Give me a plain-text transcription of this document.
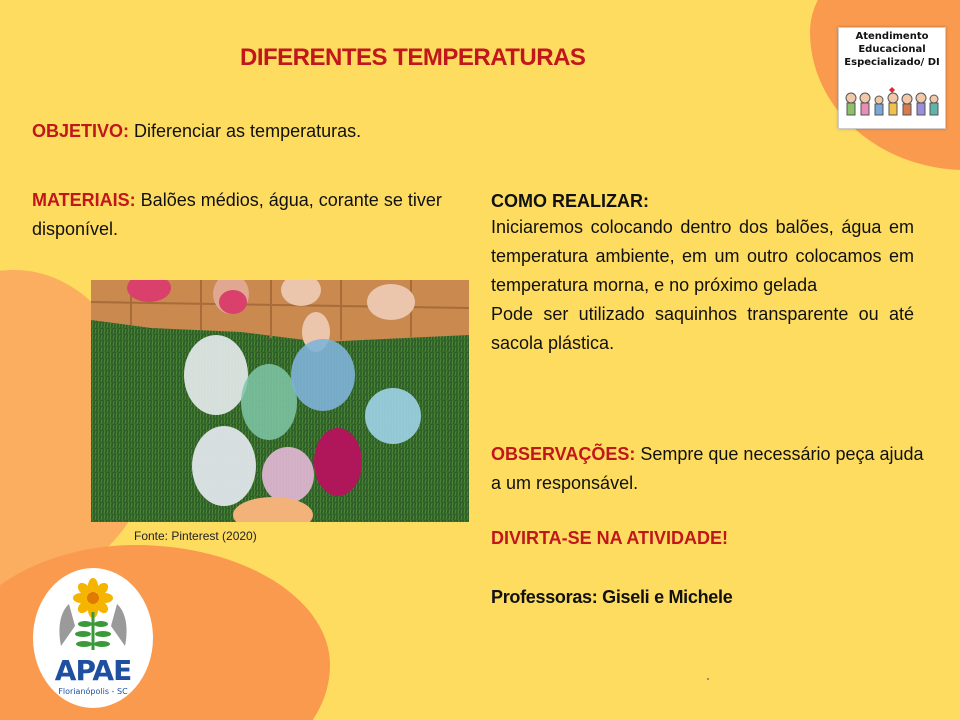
DIFERENTES TEMPERATURAS
OBJETIVO: Diferenciar as temperaturas.
MATERIAIS: Balões médios, água, corante se tiver disponível.
Fonte: Pinterest (2020)
COMO REALIZAR:

Iniciaremos colocando dentro dos balões, água em temperatura ambiente, em um outro colocamos em temperatura morna, e no próximo gelada

Pode ser utilizado saquinhos transparente ou até sacola plástica.

OBSERVAÇÕES: Sempre que necessário peça ajuda a um responsável.
DIVIRTA-SE NA ATIVIDADE!
Professoras: Giseli e Michele
Atendimento
Educacional
Especializado/ DI
APAE
Florianópolis - SC
